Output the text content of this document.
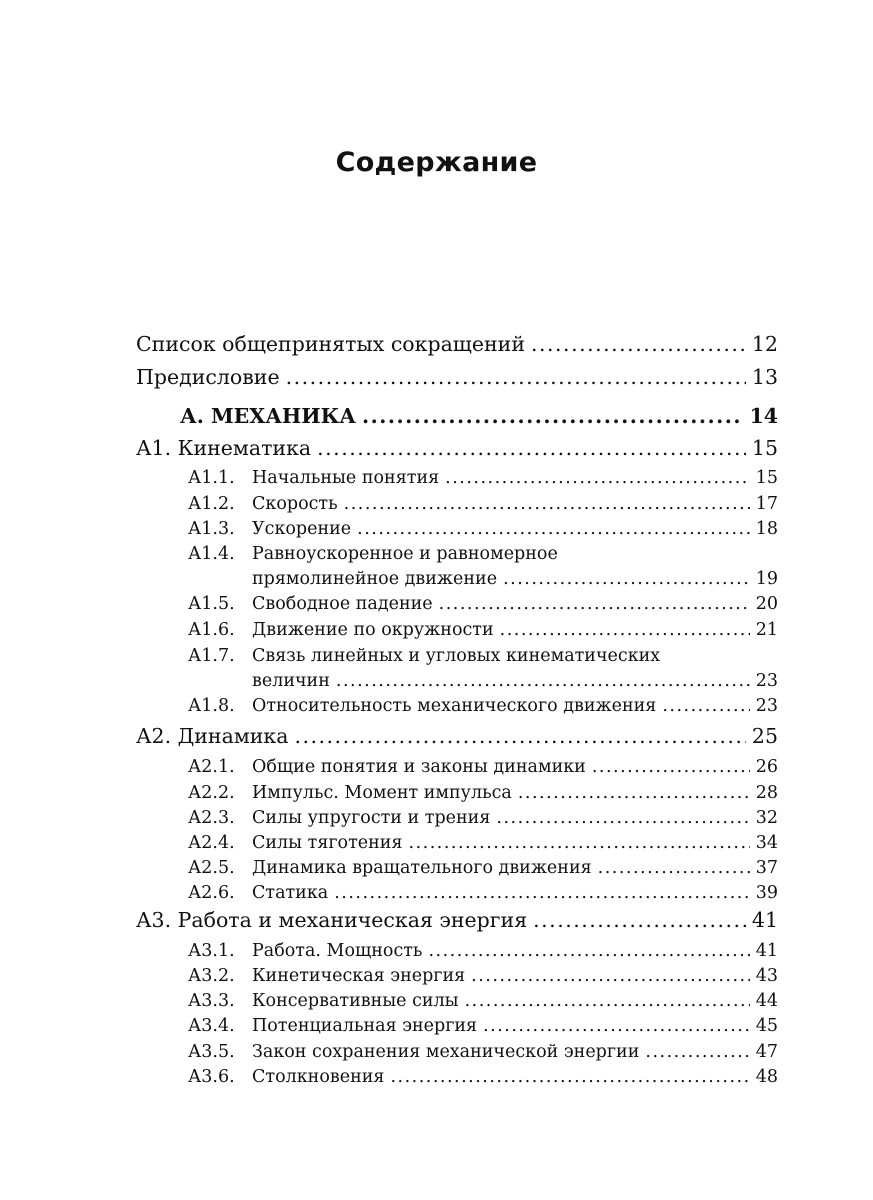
Содержание
Список общепринятых сокращений .....	12
Предисловие .....	13
А. МЕХАНИКА .....	14
А1. Кинематика .....	15
А1.1. Начальные понятия .....	15
А1.2. Скорость .....	17
А1.3. Ускорение .....	18
А1.4. Равноускоренное и равномерное
прямолинейное движение .....	19
А1.5. Свободное падение .....	20
А1.6. Движение по окружности .....	21
А1.7. Связь линейных и угловых кинематических
величин .....	23
А1.8. Относительность механического движения .....	23
А2. Динамика .....	25
А2.1. Общие понятия и законы динамики .....	26
А2.2. Импульс. Момент импульса .....	28
А2.3. Силы упругости и трения .....	32
А2.4. Силы тяготения .....	34
А2.5. Динамика вращательного движения .....	37
А2.6. Статика .....	39
А3. Работа и механическая энергия .....	41
А3.1. Работа. Мощность .....	41
А3.2. Кинетическая энергия .....	43
А3.3. Консервативные силы .....	44
А3.4. Потенциальная энергия .....	45
А3.5. Закон сохранения механической энергии .....	47
А3.6. Столкновения .....	48
